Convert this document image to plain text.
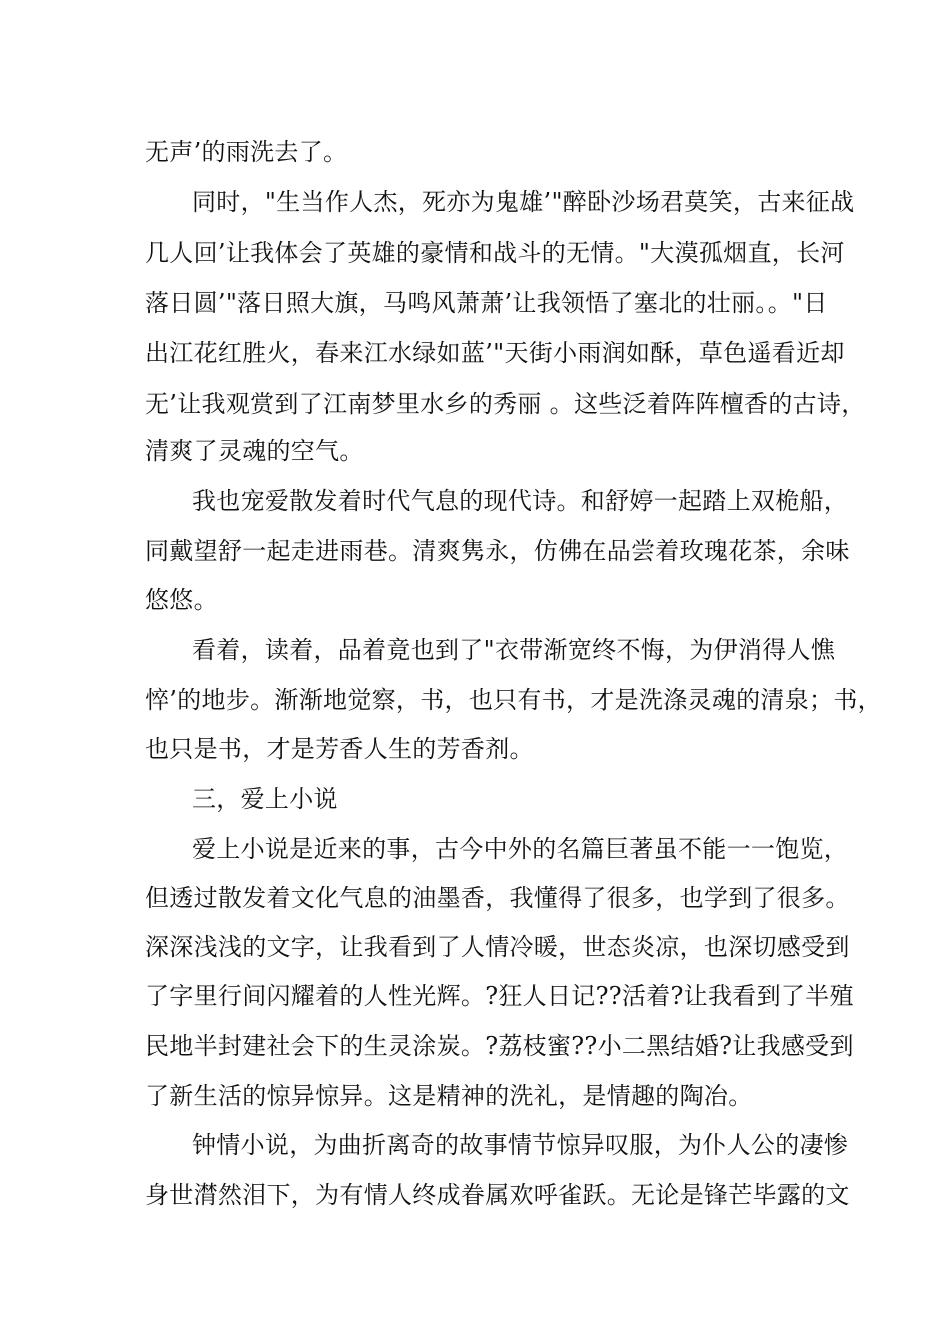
无声’的雨洗去了。
同时，"生当作人杰，死亦为鬼雄’"醉卧沙场君莫笑，古来征战
几人回’让我体会了英雄的豪情和战斗的无情。"大漠孤烟直，长河
落日圆’"落日照大旗，马鸣风萧萧’让我领悟了塞北的壮丽。。"日
出江花红胜火，春来江水绿如蓝’"天街小雨润如酥，草色遥看近却
无’让我观赏到了江南梦里水乡的秀丽 。这些泛着阵阵檀香的古诗，
清爽了灵魂的空气。
我也宠爱散发着时代气息的现代诗。和舒婷一起踏上双桅船，
同戴望舒一起走进雨巷。清爽隽永，仿佛在品尝着玫瑰花茶，余味
悠悠。
看着，读着，品着竟也到了"衣带渐宽终不悔，为伊消得人憔
悴’的地步。渐渐地觉察，书，也只有书，才是洗涤灵魂的清泉；书，
也只是书，才是芳香人生的芳香剂。
三，爱上小说
爱上小说是近来的事，古今中外的名篇巨著虽不能一一饱览，
但透过散发着文化气息的油墨香，我懂得了很多，也学到了很多。
深深浅浅的文字，让我看到了人情冷暖，世态炎凉，也深切感受到
了字里行间闪耀着的人性光辉。?狂人日记??活着?让我看到了半殖
民地半封建社会下的生灵涂炭。?荔枝蜜??小二黑结婚?让我感受到
了新生活的惊异惊异。这是精神的洗礼，是情趣的陶冶。
钟情小说，为曲折离奇的故事情节惊异叹服，为仆人公的凄惨
身世潸然泪下，为有情人终成眷属欢呼雀跃。无论是锋芒毕露的文
